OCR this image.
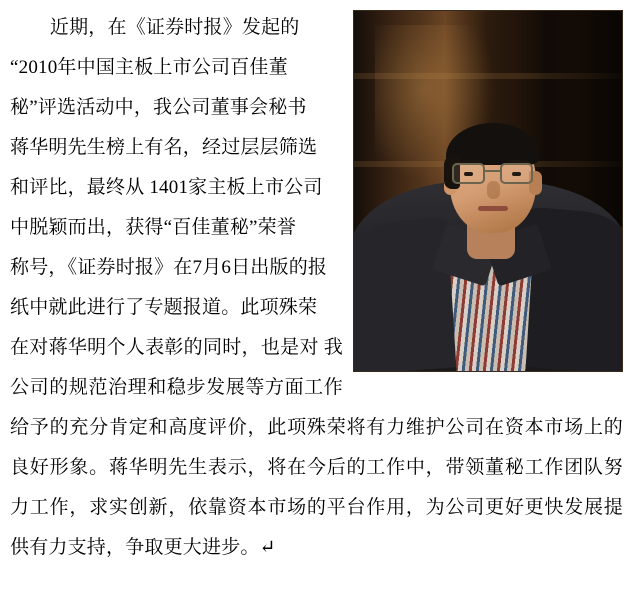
近期，在《证券时报》发起的
“2010年中国主板上市公司百佳董
秘”评选活动中，我公司董事会秘书
蒋华明先生榜上有名，经过层层筛选
和评比，最终从 1401家主板上市公司
中脱颖而出，获得“百佳董秘”荣誉
称号，《证券时报》在7月6日出版的报
纸中就此进行了专题报道。此项殊荣
在对蒋华明个人表彰的同时，也是对 我公司的规范治理和稳步发展等方面工作给予的充分肯定和高度评价，此项殊荣将有力维护公司在资本市场上的良好形象。蒋华明先生表示，将在今后的工作中，带领董秘工作团队努力工作，求实创新，依靠资本市场的平台作用，为公司更好更快发展提供有力支持，争取更大进步。↵
